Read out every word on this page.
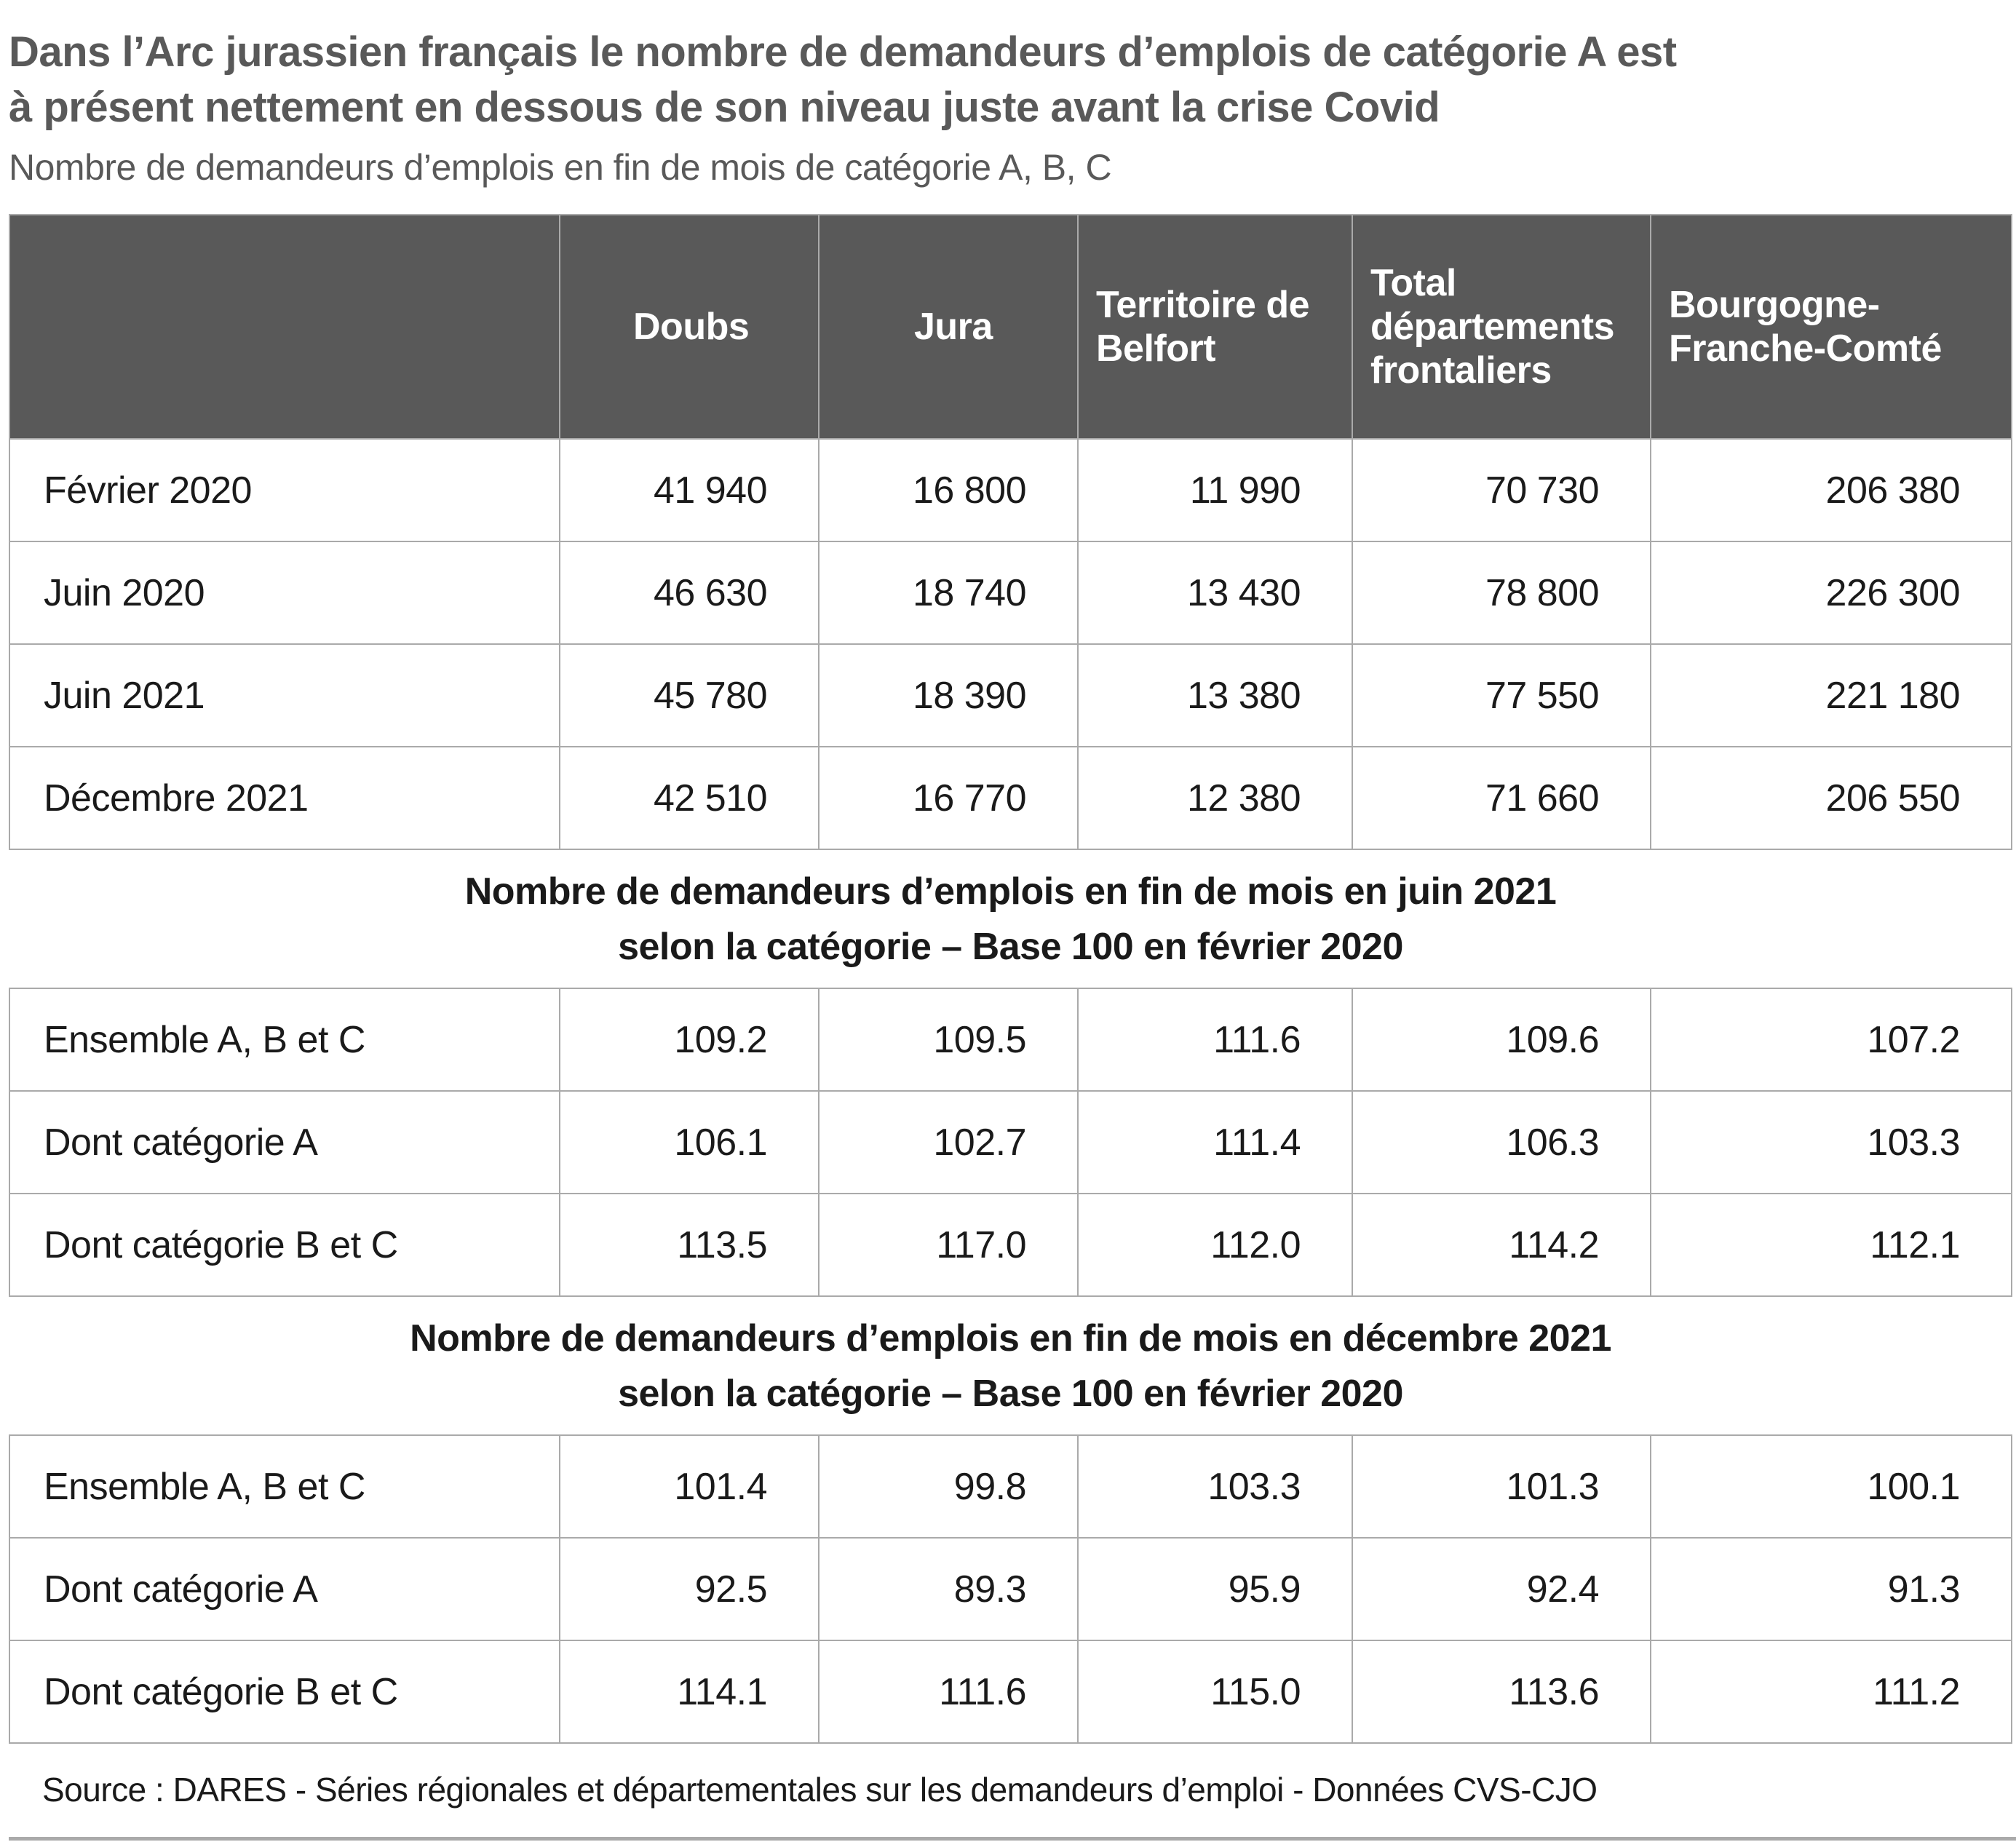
Dans l’Arc jurassien français le nombre de demandeurs d’emplois de catégorie A est
à présent nettement en dessous de son niveau juste avant la crise Covid
Nombre de demandeurs d’emplois en fin de mois de catégorie A, B, C
	Doubs	Jura	Territoire de Belfort	Total départements frontaliers	Bourgogne-Franche-Comté
Février 2020	41 940	16 800	11 990	70 730	206 380
Juin 2020	46 630	18 740	13 430	78 800	226 300
Juin 2021	45 780	18 390	13 380	77 550	221 180
Décembre 2021	42 510	16 770	12 380	71 660	206 550

Nombre de demandeurs d’emplois en fin de mois en juin 2021
selon la catégorie – Base 100 en février 2020					

Ensemble A, B et C	109.2	109.5	111.6	109.6	107.2
Dont catégorie A	106.1	102.7	111.4	106.3	103.3
Dont catégorie B et C	113.5	117.0	112.0	114.2	112.1

Nombre de demandeurs d’emplois en fin de mois en décembre 2021
selon la catégorie – Base 100 en février 2020					

Ensemble A, B et C	101.4	99.8	103.3	101.3	100.1
Dont catégorie A	92.5	89.3	95.9	92.4	91.3
Dont catégorie B et C	114.1	111.6	115.0	113.6	111.2
Source : DARES - Séries régionales et départementales sur les demandeurs d’emploi - Données CVS-CJO
